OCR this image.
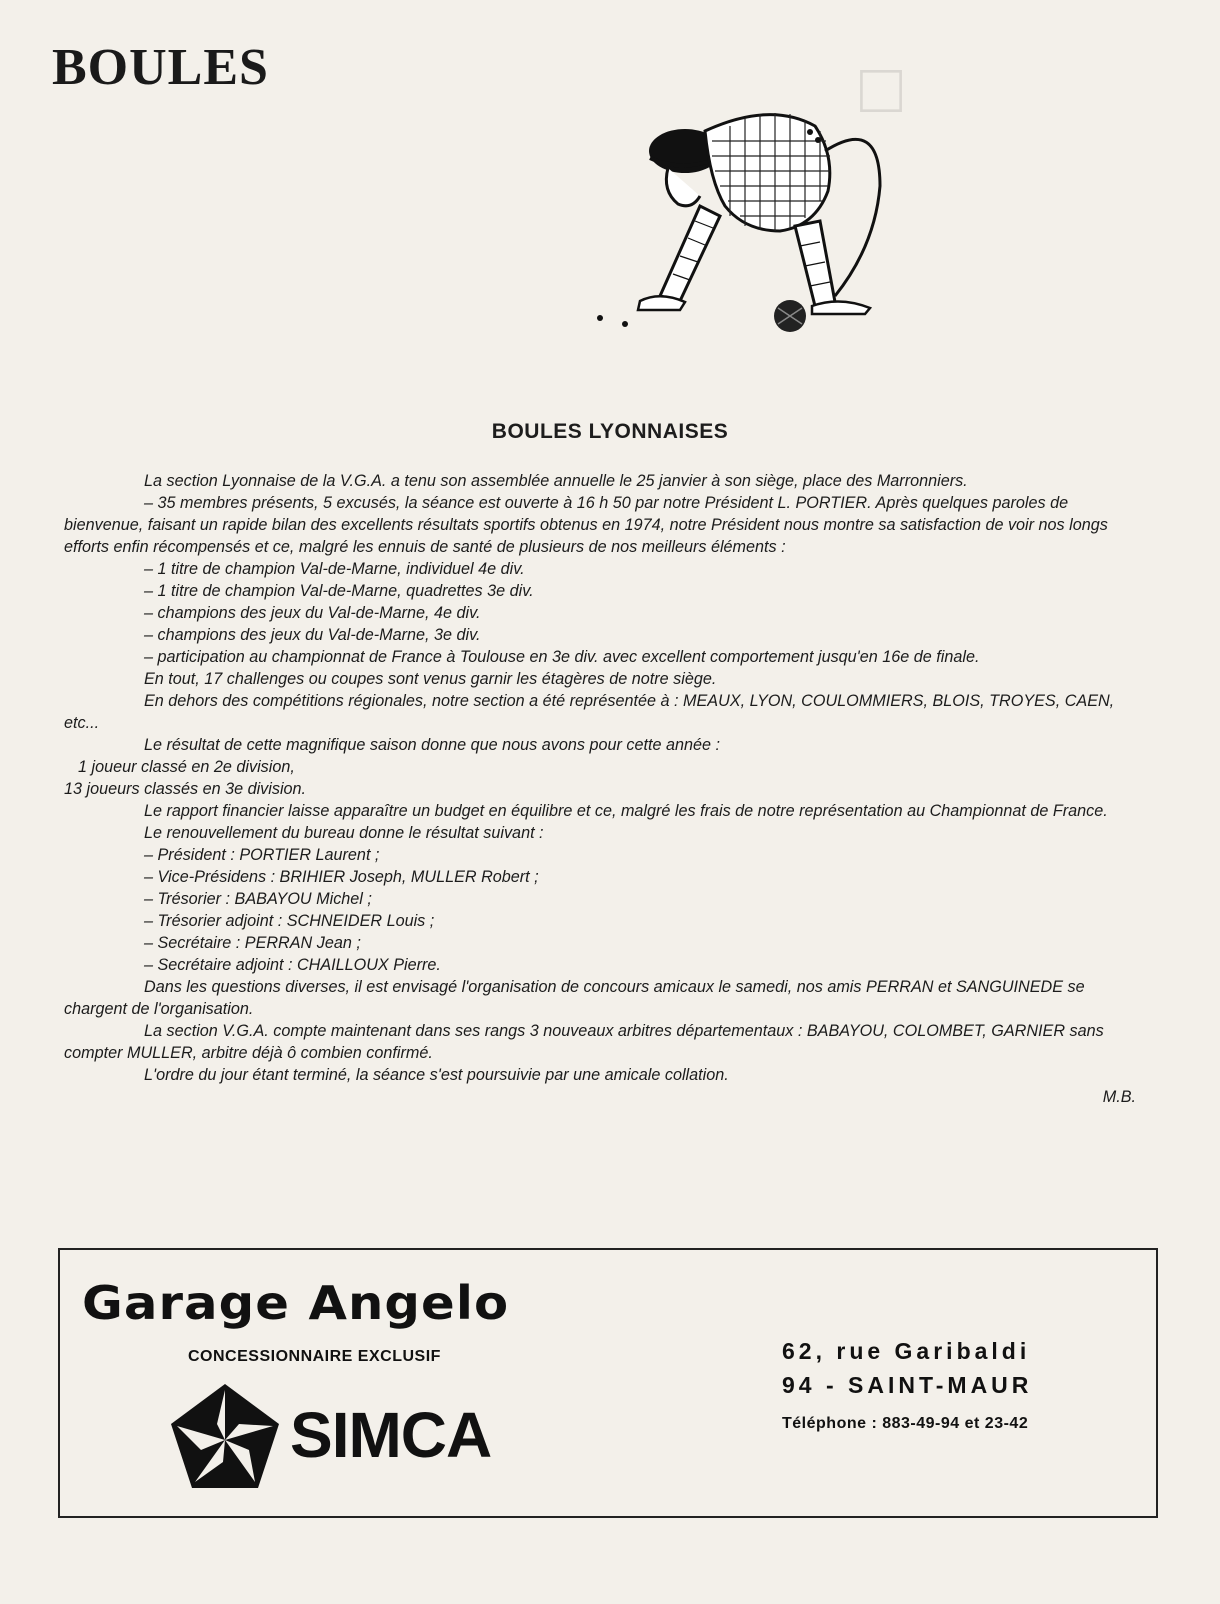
□
BOULES
BOULES LYONNAISES

La section Lyonnaise de la V.G.A. a tenu son assemblée annuelle le 25 janvier à son siège, place des Marronniers.

– 35 membres présents, 5 excusés, la séance est ouverte à 16 h 50 par notre Président L. PORTIER. Après quelques paroles de bienvenue, faisant un rapide bilan des excellents résultats sportifs obtenus en 1974, notre Président nous montre sa satisfaction de voir nos longs efforts enfin récompensés et ce, malgré les ennuis de santé de plusieurs de nos meilleurs éléments :

– 1 titre de champion Val-de-Marne, individuel 4e div.

– 1 titre de champion Val-de-Marne, quadrettes 3e div.

– champions des jeux du Val-de-Marne, 4e div.

– champions des jeux du Val-de-Marne, 3e div.

– participation au championnat de France à Toulouse en 3e div. avec excellent comportement jusqu'en 16e de finale.

En tout, 17 challenges ou coupes sont venus garnir les étagères de notre siège.

En dehors des compétitions régionales, notre section a été représentée à : MEAUX, LYON, COULOMMIERS, BLOIS, TROYES, CAEN, etc...

Le résultat de cette magnifique saison donne que nous avons pour cette année :

1 joueur classé en 2e division,

13 joueurs classés en 3e division.

Le rapport financier laisse apparaître un budget en équilibre et ce, malgré les frais de notre représentation au Championnat de France.

Le renouvellement du bureau donne le résultat suivant :

– Président : PORTIER Laurent ;

– Vice-Présidens : BRIHIER Joseph, MULLER Robert ;

– Trésorier : BABAYOU Michel ;

– Trésorier adjoint : SCHNEIDER Louis ;

– Secrétaire : PERRAN Jean ;

– Secrétaire adjoint : CHAILLOUX Pierre.

Dans les questions diverses, il est envisagé l'organisation de concours amicaux le samedi, nos amis PERRAN et SANGUINEDE se chargent de l'organisation.

La section V.G.A. compte maintenant dans ses rangs 3 nouveaux arbitres départementaux : BABAYOU, COLOMBET, GARNIER sans compter MULLER, arbitre déjà ô combien confirmé.

L'ordre du jour étant terminé, la séance s'est poursuivie par une amicale collation.

M.B.

Garage Angelo
CONCESSIONNAIRE EXCLUSIF
SIMCA
62, rue Garibaldi
94 - SAINT-MAUR
Téléphone : 883-49-94 et 23-42
